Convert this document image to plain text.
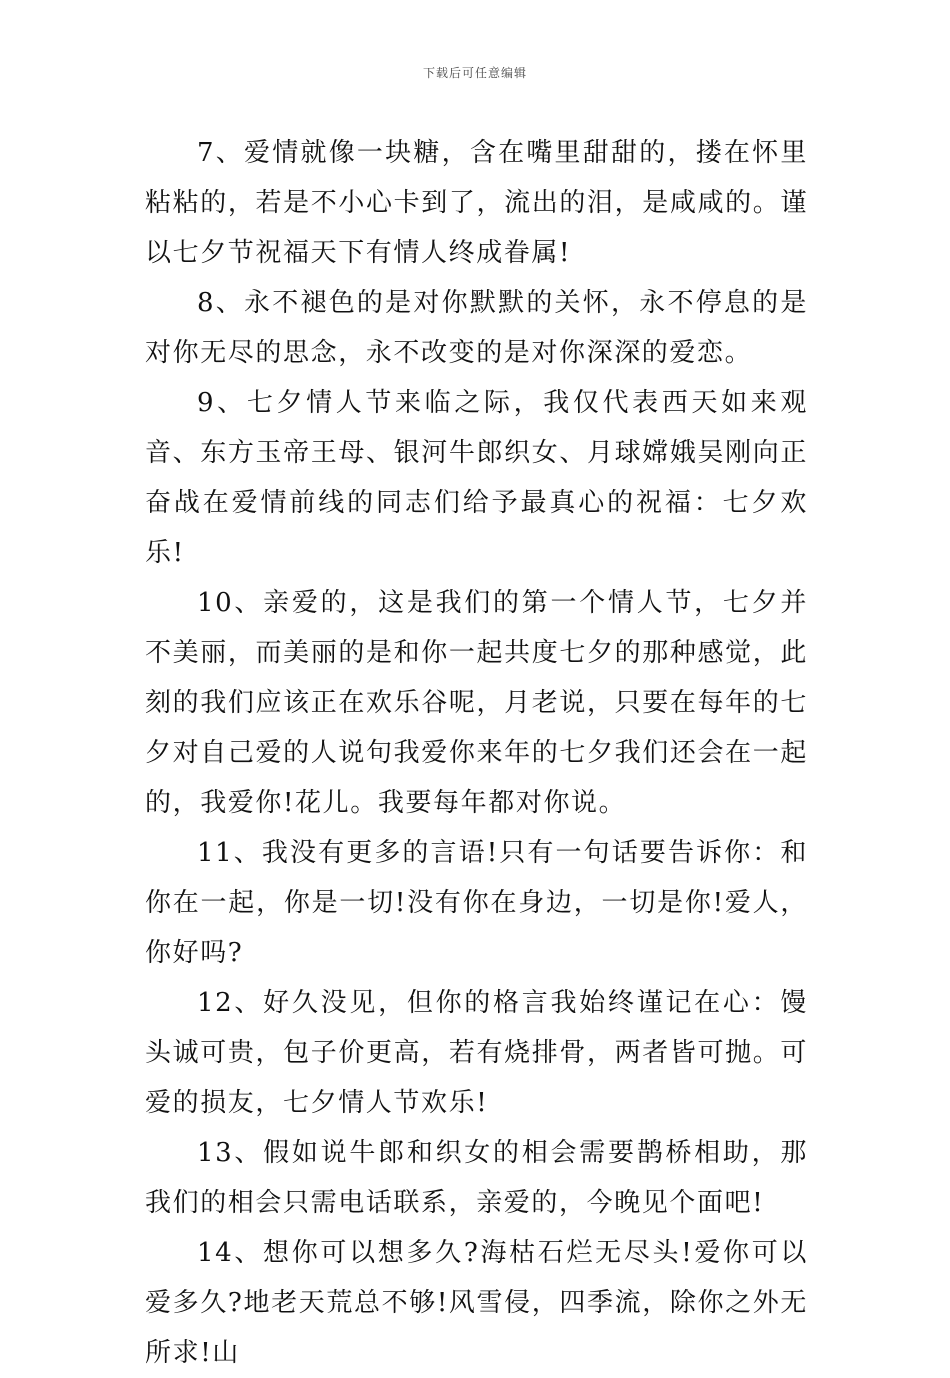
下载后可任意编辑

7、爱情就像一块糖，含在嘴里甜甜的，搂在怀里粘粘的，若是不小心卡到了，流出的泪，是咸咸的。谨以七夕节祝福天下有情人终成眷属!

8、永不褪色的是对你默默的关怀，永不停息的是对你无尽的思念，永不改变的是对你深深的爱恋。

9、七夕情人节来临之际，我仅代表西天如来观音、东方玉帝王母、银河牛郎织女、月球嫦娥吴刚向正奋战在爱情前线的同志们给予最真心的祝福：七夕欢乐!

10、亲爱的，这是我们的第一个情人节，七夕并不美丽，而美丽的是和你一起共度七夕的那种感觉，此刻的我们应该正在欢乐谷呢，月老说，只要在每年的七夕对自己爱的人说句我爱你来年的七夕我们还会在一起的，我爱你!花儿。我要每年都对你说。

11、我没有更多的言语!只有一句话要告诉你：和你在一起，你是一切!没有你在身边，一切是你!爱人，你好吗?

12、好久没见，但你的格言我始终谨记在心：馒头诚可贵，包子价更高，若有烧排骨，两者皆可抛。可爱的损友，七夕情人节欢乐!

13、假如说牛郎和织女的相会需要鹊桥相助，那我们的相会只需电话联系，亲爱的，今晚见个面吧!

14、想你可以想多久?海枯石烂无尽头!爱你可以爱多久?地老天荒总不够!风雪侵，四季流，除你之外无所求!山
